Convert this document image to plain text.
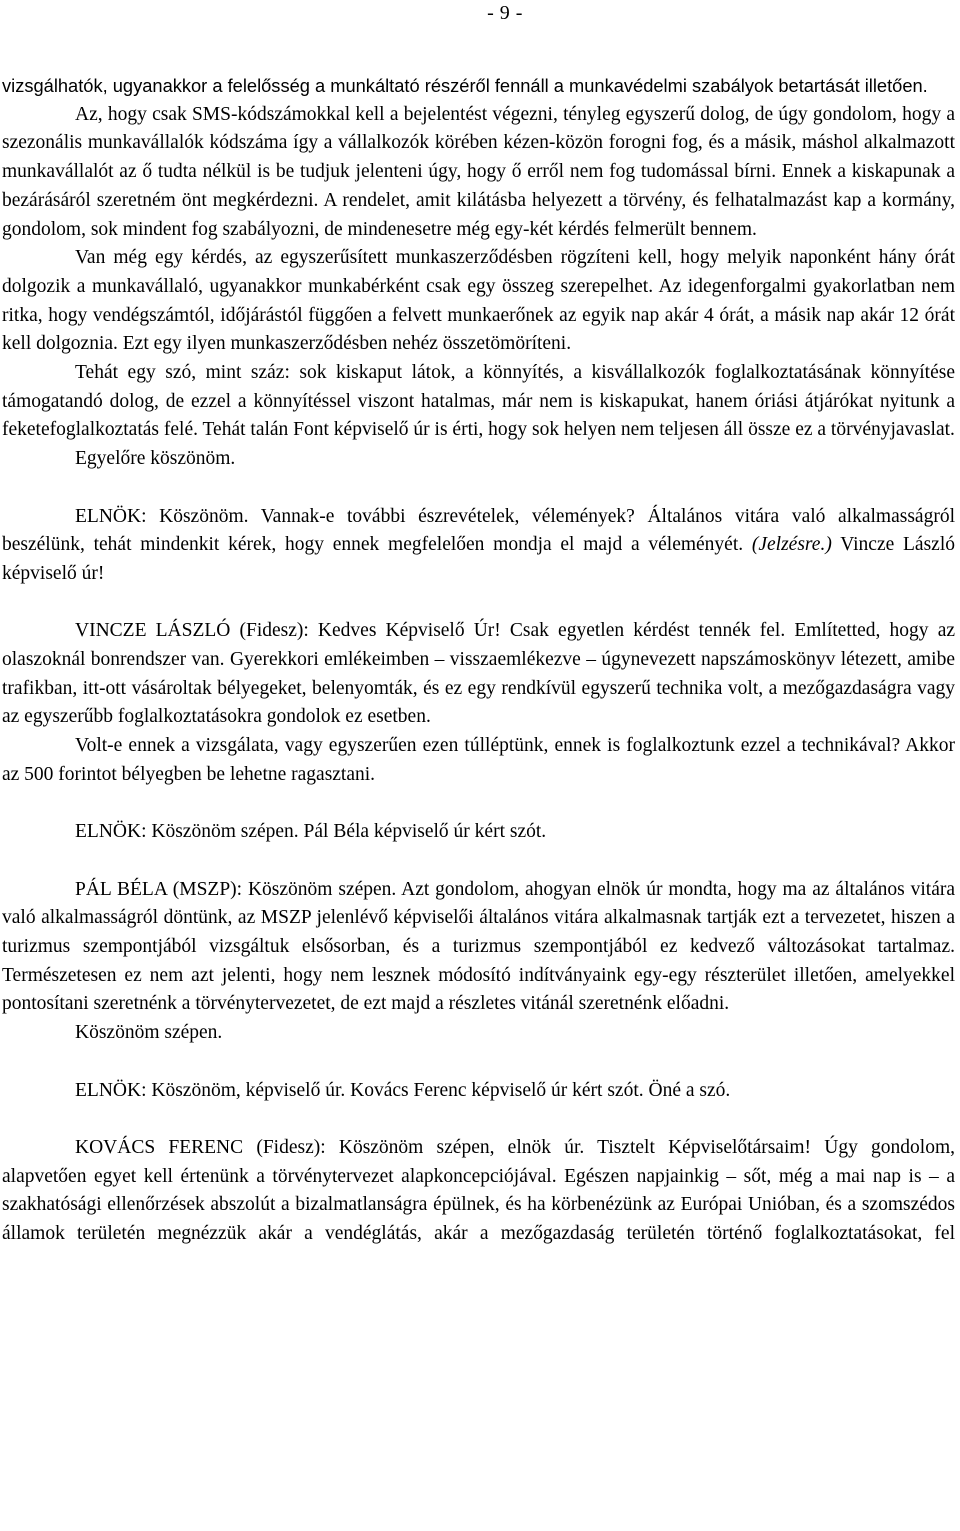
- 9 -

vizsgálhatók, ugyanakkor a felelősség a munkáltató részéről fennáll a munkavédelmi szabályok betartását illetően.

Az, hogy csak SMS-kódszámokkal kell a bejelentést végezni, tényleg egyszerű dolog, de úgy gondolom, hogy a szezonális munkavállalók kódszáma így a vállalkozók körében kézen-közön forogni fog, és a másik, máshol alkalmazott munkavállalót az ő tudta nélkül is be tudjuk jelenteni úgy, hogy ő erről nem fog tudomással bírni. Ennek a kiskapunak a bezárásáról szeretném önt megkérdezni. A rendelet, amit kilátásba helyezett a törvény, és felhatalmazást kap a kormány, gondolom, sok mindent fog szabályozni, de mindenesetre még egy-két kérdés felmerült bennem.

Van még egy kérdés, az egyszerűsített munkaszerződésben rögzíteni kell, hogy melyik naponként hány órát dolgozik a munkavállaló, ugyanakkor munkabérként csak egy összeg szerepelhet. Az idegenforgalmi gyakorlatban nem ritka, hogy vendégszámtól, időjárástól függően a felvett munkaerőnek az egyik nap akár 4 órát, a másik nap akár 12 órát kell dolgoznia. Ezt egy ilyen munkaszerződésben nehéz összetömöríteni.

Tehát egy szó, mint száz: sok kiskaput látok, a könnyítés, a kisvállalkozók foglalkoztatásának könnyítése támogatandó dolog, de ezzel a könnyítéssel viszont hatalmas, már nem is kiskapukat, hanem óriási átjárókat nyitunk a feketefoglalkoztatás felé. Tehát talán Font képviselő úr is érti, hogy sok helyen nem teljesen áll össze ez a törvényjavaslat.

Egyelőre köszönöm.

ELNÖK: Köszönöm. Vannak-e további észrevételek, vélemények? Általános vitára való alkalmasságról beszélünk, tehát mindenkit kérek, hogy ennek megfelelően mondja el majd a véleményét. (Jelzésre.) Vincze László képviselő úr!

VINCZE LÁSZLÓ (Fidesz): Kedves Képviselő Úr! Csak egyetlen kérdést tennék fel. Említetted, hogy az olaszoknál bonrendszer van. Gyerekkori emlékeimben – visszaemlékezve – úgynevezett napszámoskönyv létezett, amibe trafikban, itt-ott vásároltak bélyegeket, belenyomták, és ez egy rendkívül egyszerű technika volt, a mezőgazdaságra vagy az egyszerűbb foglalkoztatásokra gondolok ez esetben.

Volt-e ennek a vizsgálata, vagy egyszerűen ezen túlléptünk, ennek is foglalkoztunk ezzel a technikával? Akkor az 500 forintot bélyegben be lehetne ragasztani.

ELNÖK: Köszönöm szépen. Pál Béla képviselő úr kért szót.

PÁL BÉLA (MSZP): Köszönöm szépen. Azt gondolom, ahogyan elnök úr mondta, hogy ma az általános vitára való alkalmasságról döntünk, az MSZP jelenlévő képviselői általános vitára alkalmasnak tartják ezt a tervezetet, hiszen a turizmus szempontjából vizsgáltuk elsősorban, és a turizmus szempontjából ez kedvező változásokat tartalmaz. Természetesen ez nem azt jelenti, hogy nem lesznek módosító indítványaink egy-egy részterület illetően, amelyekkel pontosítani szeretnénk a törvénytervezetet, de ezt majd a részletes vitánál szeretnénk előadni.

Köszönöm szépen.

ELNÖK: Köszönöm, képviselő úr. Kovács Ferenc képviselő úr kért szót. Öné a szó.

KOVÁCS FERENC (Fidesz): Köszönöm szépen, elnök úr. Tisztelt Képviselőtársaim! Úgy gondolom, alapvetően egyet kell értenünk a törvénytervezet alapkoncepciójával. Egészen napjainkig – sőt, még a mai nap is – a szakhatósági ellenőrzések abszolút a bizalmatlanságra épülnek, és ha körbenézünk az Európai Unióban, és a szomszédos államok területén megnézzük akár a vendéglátás, akár a mezőgazdaság területén történő foglalkoztatásokat, fel
